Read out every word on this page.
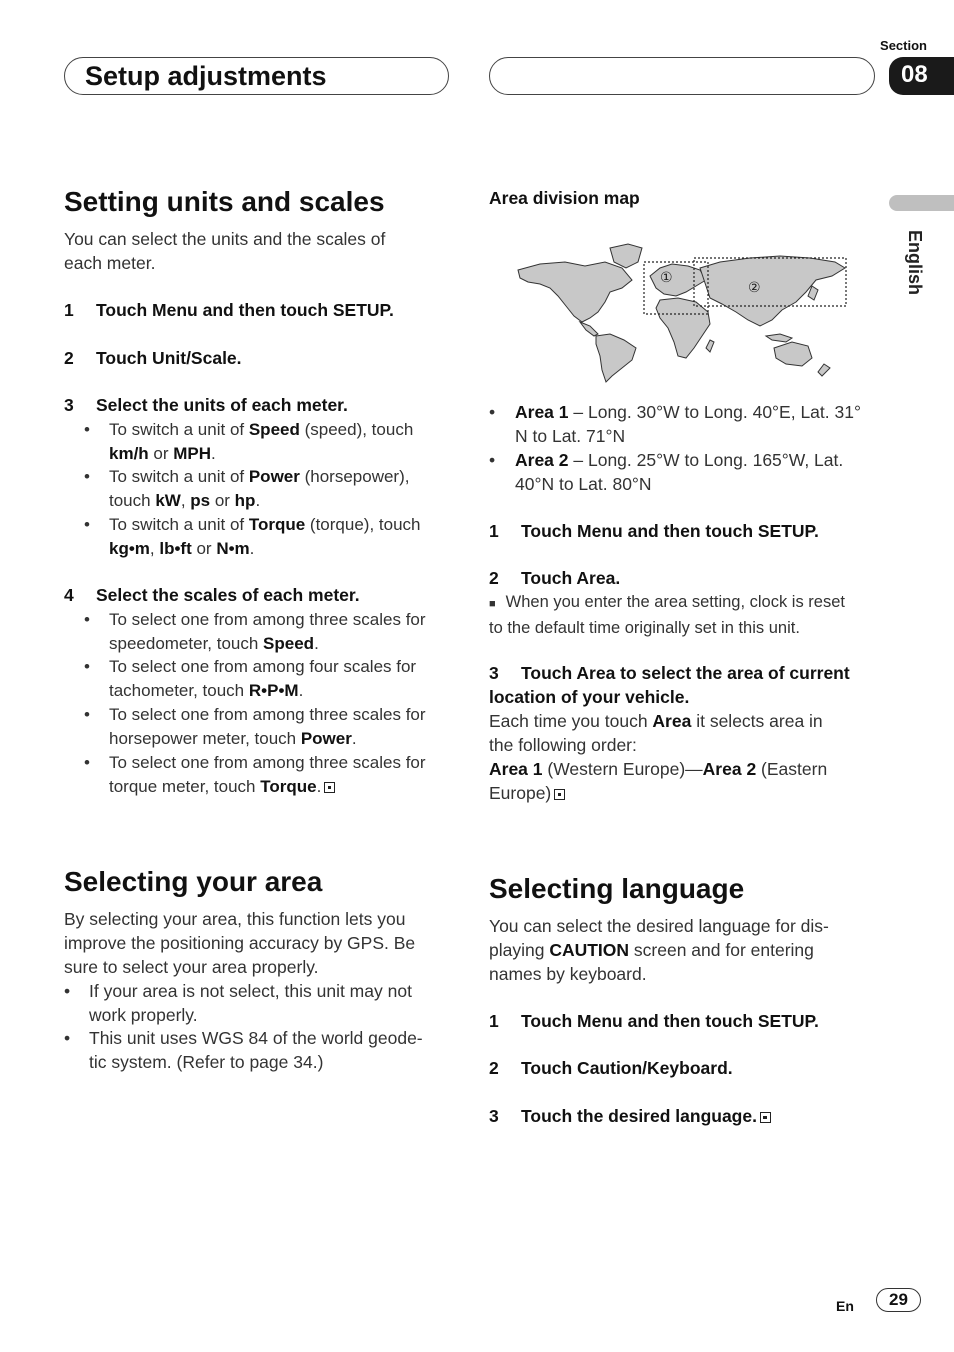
Section
Setup adjustments	08
English
Setting units and scales
You can select the units and the scales of
each meter.
1 Touch Menu and then touch SETUP.
2 Touch Unit/Scale.
3 Select the units of each meter.
• To switch a unit of Speed (speed), touch
km/h or MPH.
• To switch a unit of Power (horsepower),
touch kW, ps or hp.
• To switch a unit of Torque (torque), touch
kg•m, lb•ft or N•m.
4 Select the scales of each meter.
• To select one from among three scales for
speedometer, touch Speed.
• To select one from among four scales for
tachometer, touch R•P•M.
• To select one from among three scales for
horsepower meter, touch Power.
• To select one from among three scales for
torque meter, touch Torque.
Selecting your area
By selecting your area, this function lets you
improve the positioning accuracy by GPS. Be
sure to select your area properly.
• If your area is not select, this unit may not
work properly.
• This unit uses WGS 84 of the world geode-
tic system. (Refer to page 34.)
Area division map
①
②
• Area 1 – Long. 30°W to Long. 40°E, Lat. 31°
N to Lat. 71°N
• Area 2 – Long. 25°W to Long. 165°W, Lat.
40°N to Lat. 80°N
1 Touch Menu and then touch SETUP.
2 Touch Area.
■ When you enter the area setting, clock is reset
to the default time originally set in this unit.
3 Touch Area to select the area of current
location of your vehicle.
Each time you touch Area it selects area in
the following order:
Area 1 (Western Europe)—Area 2 (Eastern
Europe)
Selecting language
You can select the desired language for dis-
playing CAUTION screen and for entering
names by keyboard.
1 Touch Menu and then touch SETUP.
2 Touch Caution/Keyboard.
3 Touch the desired language.
En	29
